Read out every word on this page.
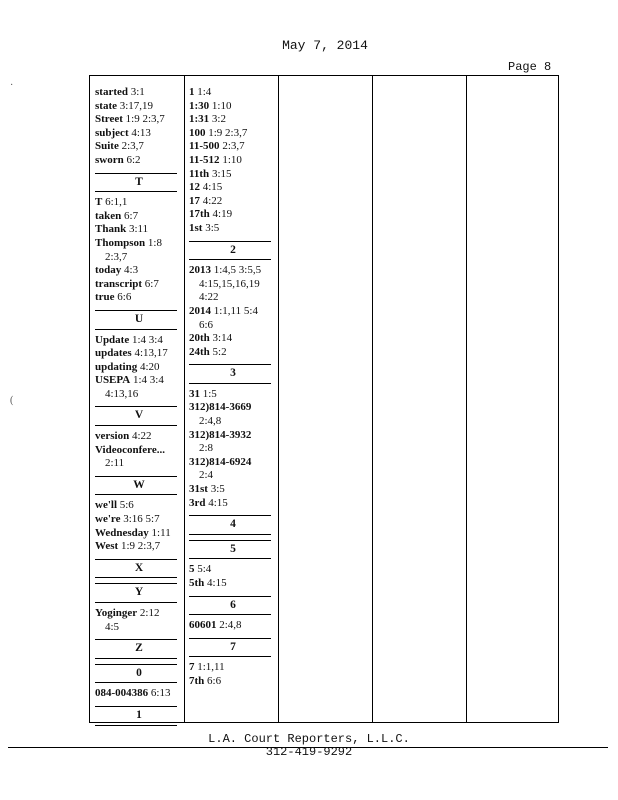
May 7, 2014
Page 8
started 3:1
state 3:17,19
Street 1:9 2:3,7
subject 4:13
Suite 2:3,7
sworn 6:2
T
T 6:1,1
taken 6:7
Thank 3:11
Thompson 1:8
2:3,7
today 4:3
transcript 6:7
true 6:6
U
Update 1:4 3:4
updates 4:13,17
updating 4:20
USEPA 1:4 3:4
4:13,16
V
version 4:22
Videoconfere...
2:11
W
we'll 5:6
we're 3:16 5:7
Wednesday 1:11
West 1:9 2:3,7
X
Y
Yoginger 2:12
4:5
Z
0
084-004386 6:13
1
1 1:4
1:30 1:10
1:31 3:2
100 1:9 2:3,7
11-500 2:3,7
11-512 1:10
11th 3:15
12 4:15
17 4:22
17th 4:19
1st 3:5
2
2013 1:4,5 3:5,5
4:15,15,16,19
4:22
2014 1:1,11 5:4
6:6
20th 3:14
24th 5:2
3
31 1:5
312)814-3669
2:4,8
312)814-3932
2:8
312)814-6924
2:4
31st 3:5
3rd 4:15
4
5
5 5:4
5th 4:15
6
60601 2:4,8
7
7 1:1,11
7th 6:6
L.A. Court Reporters, L.L.C.
312-419-9292
·
(
